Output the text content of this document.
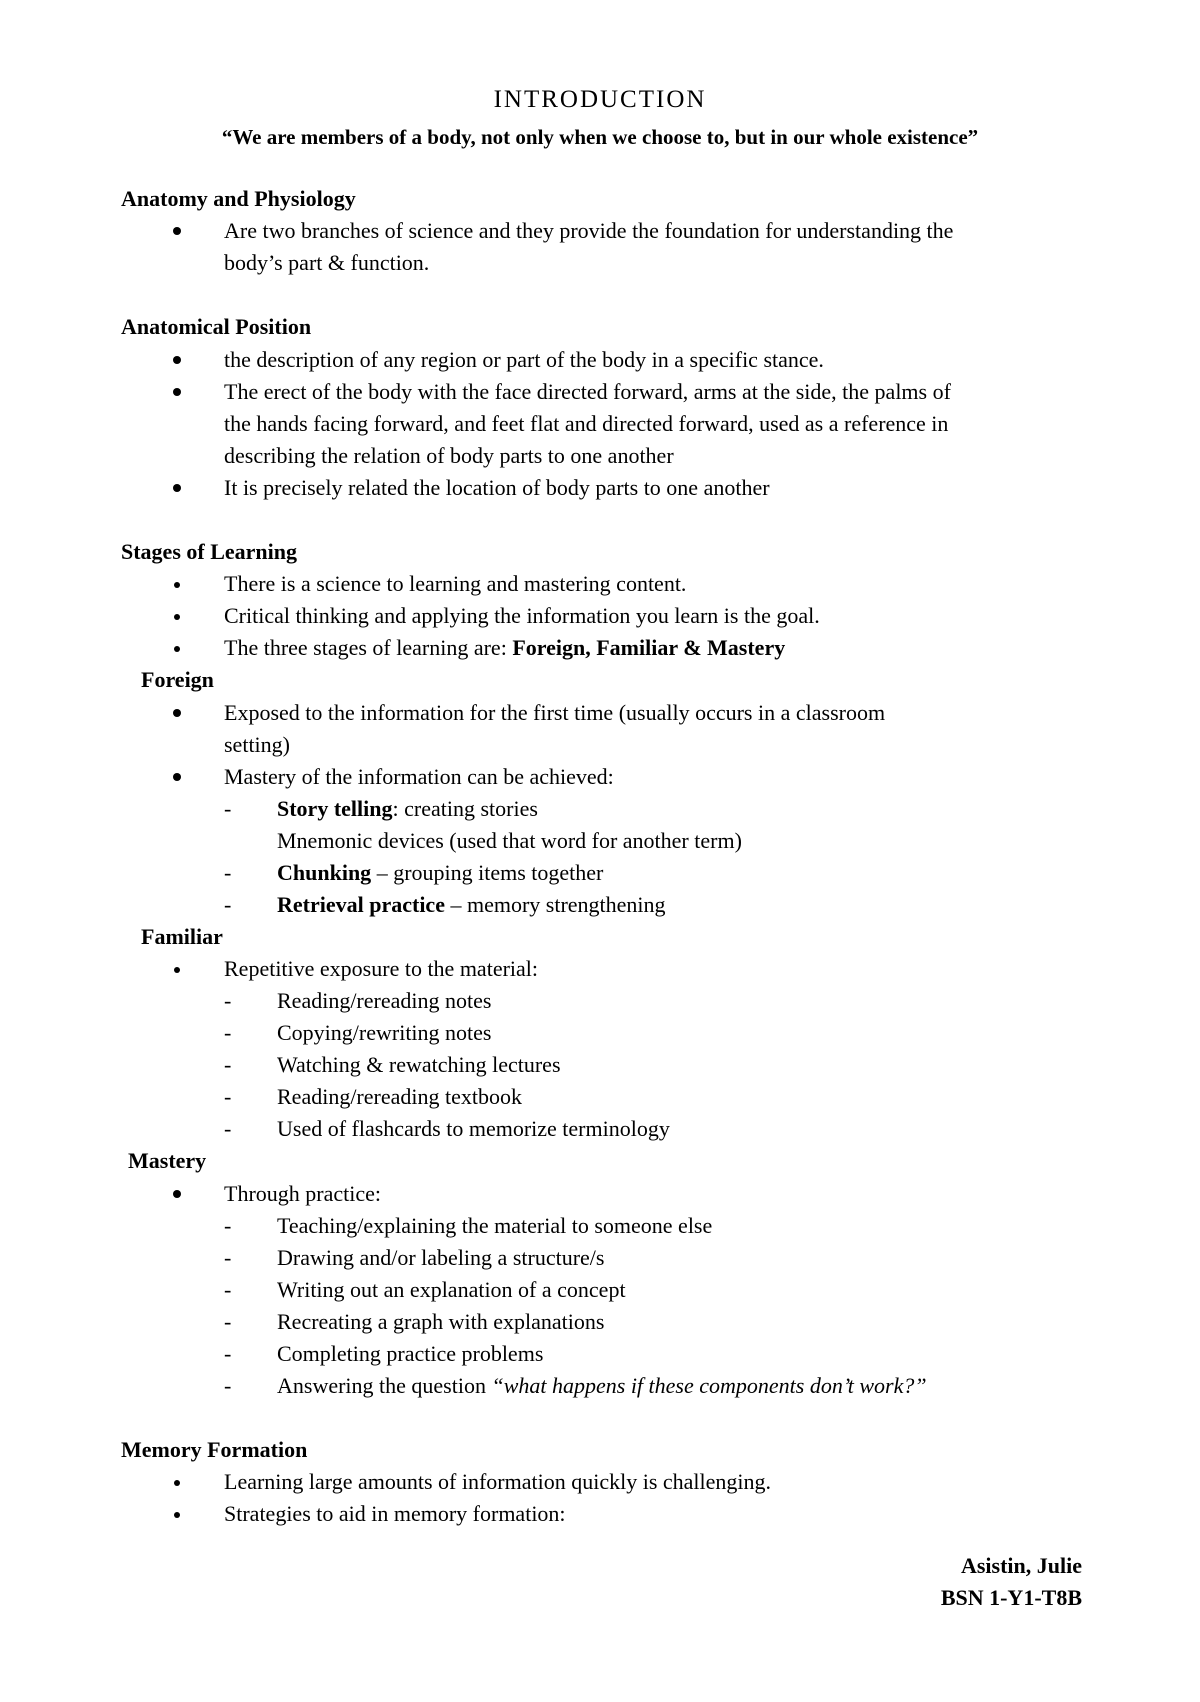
INTRODUCTION
“We are members of a body, not only when we choose to, but in our whole existence”
Anatomy and Physiology
Are two branches of science and they provide the foundation for understanding the
body’s part & function.
Anatomical Position
the description of any region or part of the body in a specific stance.
The erect of the body with the face directed forward, arms at the side, the palms of
the hands facing forward, and feet flat and directed forward, used as a reference in
describing the relation of body parts to one another
It is precisely related the location of body parts to one another
Stages of Learning
There is a science to learning and mastering content.
Critical thinking and applying the information you learn is the goal.
The three stages of learning are: Foreign, Familiar & Mastery
Foreign
Exposed to the information for the first time (usually occurs in a classroom
setting)
Mastery of the information can be achieved:
- Story telling: creating stories
Mnemonic devices (used that word for another term)
- Chunking – grouping items together
- Retrieval practice – memory strengthening
Familiar
Repetitive exposure to the material:
- Reading/rereading notes
- Copying/rewriting notes
- Watching & rewatching lectures
- Reading/rereading textbook
- Used of flashcards to memorize terminology
Mastery
Through practice:
- Teaching/explaining the material to someone else
- Drawing and/or labeling a structure/s
- Writing out an explanation of a concept
- Recreating a graph with explanations
- Completing practice problems
- Answering the question “what happens if these components don’t work?”
Memory Formation
Learning large amounts of information quickly is challenging.
Strategies to aid in memory formation:
Asistin, Julie
BSN 1-Y1-T8B
